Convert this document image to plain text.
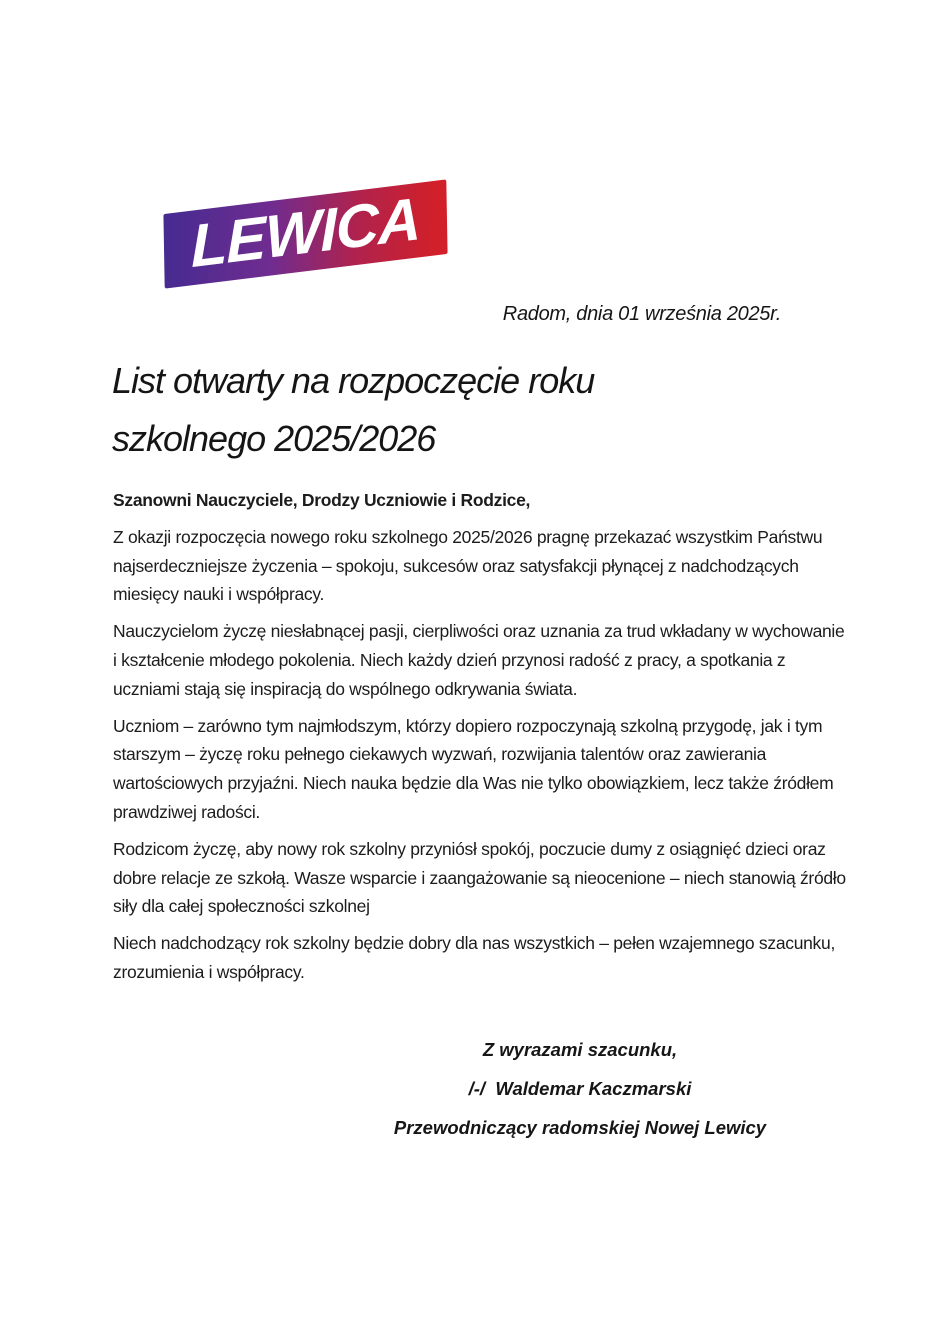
LEWICA
Radom, dnia 01 września 2025r.
List otwarty na rozpoczęcie roku szkolnego 2025/2026

Szanowni Nauczyciele, Drodzy Uczniowie i Rodzice,

Z okazji rozpoczęcia nowego roku szkolnego 2025/2026 pragnę przekazać wszystkim Państwu najserdeczniejsze życzenia – spokoju, sukcesów oraz satysfakcji płynącej z nadchodzących miesięcy nauki i współpracy.

Nauczycielom życzę niesłabnącej pasji, cierpliwości oraz uznania za trud wkładany w wychowanie i kształcenie młodego pokolenia. Niech każdy dzień przynosi radość z pracy, a spotkania z uczniami stają się inspiracją do wspólnego odkrywania świata.

Uczniom – zarówno tym najmłodszym, którzy dopiero rozpoczynają szkolną przygodę, jak i tym starszym – życzę roku pełnego ciekawych wyzwań, rozwijania talentów oraz zawierania wartościowych przyjaźni. Niech nauka będzie dla Was nie tylko obowiązkiem, lecz także źródłem prawdziwej radości.

Rodzicom życzę, aby nowy rok szkolny przyniósł spokój, poczucie dumy z osiągnięć dzieci oraz dobre relacje ze szkołą. Wasze wsparcie i zaangażowanie są nieocenione – niech stanowią źródło siły dla całej społeczności szkolnej

Niech nadchodzący rok szkolny będzie dobry dla nas wszystkich – pełen wzajemnego szacunku, zrozumienia i współpracy.

Z wyrazami szacunku,

/-/  Waldemar Kaczmarski

Przewodniczący radomskiej Nowej Lewicy
